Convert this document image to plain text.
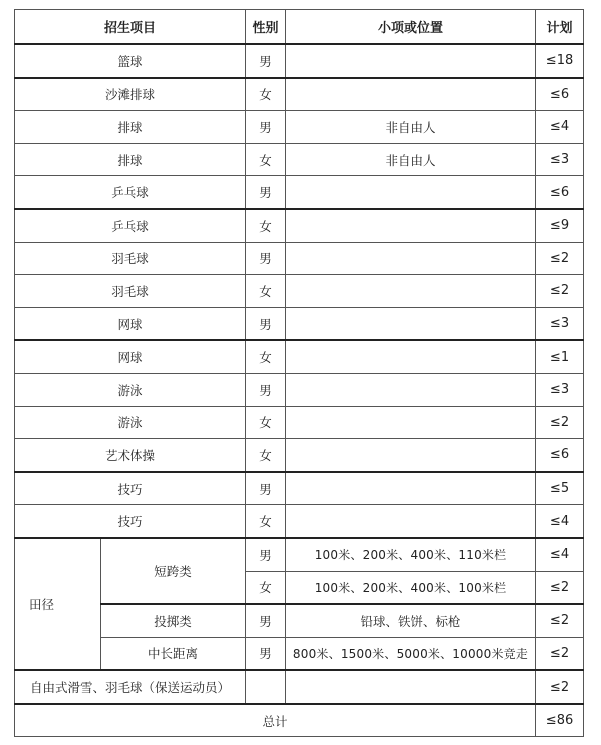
招生项目		性别	小项或位置	计划
篮球		男		≤18
沙滩排球		女		≤6
排球		男	非自由人	≤4
排球		女	非自由人	≤3
乒乓球		男		≤6
乒乓球		女		≤9
羽毛球		男		≤2
羽毛球		女		≤2
网球		男		≤3
网球		女		≤1
游泳		男		≤3
游泳		女		≤2
艺术体操		女		≤6
技巧		男		≤5
技巧		女		≤4
田径	短跨类	男	100米、200米、400米、110米栏	≤4
		女	100米、200米、400米、100米栏	≤2
	投掷类	男	铅球、铁饼、标枪	≤2
	中长距离	男	800米、1500米、5000米、10000米竞走	≤2
自由式滑雪、羽毛球（保送运动员）				≤2
总计				≤86
